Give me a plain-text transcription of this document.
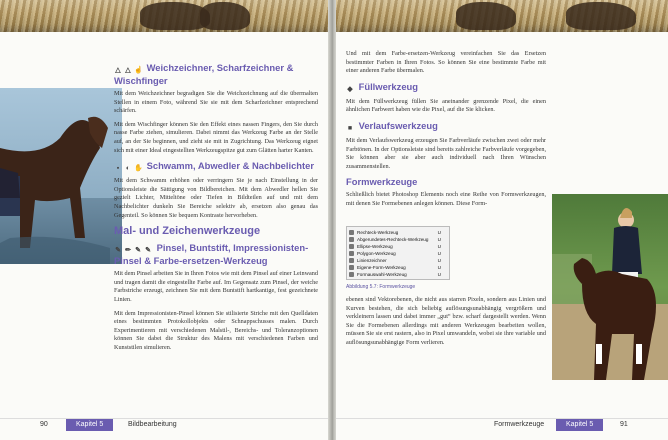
△ △ ☝ Weichzeichner, Scharfzeichner & Wischfinger

Mit dem Weichzeichner begradigen Sie die Weichzeichnung auf die übermalten Stellen in einem Foto, während Sie sie mit dem Scharfzeichner entsprechend schärfen.

Mit dem Wischfinger können Sie den Effekt eines nassen Fingers, den Sie durch nasse Farbe ziehen, simulieren. Dabei nimmt das Werkzeug Farbe an der Stelle auf, an der Sie beginnen, und zieht sie mit in Zugrichtung. Das Werkzeug eignet sich mit einer Ideal eingestellten Werkzeugspitze gut zum Glätten harter Kanten.

▪ ◐ ✋ Schwamm, Abwedler & Nachbelichter

Mit dem Schwamm erhöhen oder verringern Sie je nach Einstellung in der Optionsleiste die Sättigung von Bildbereichen. Mit dem Abwedler hellen Sie gezielt Lichter, Mitteltöne oder Tiefen in Bildteilen auf und mit dem Nachbelichter dunkeln Sie Bereiche selektiv ab, ersetzen also genau das Gegenteil. So können Sie bequem Kontraste hervorheben.

Mal- und Zeichenwerkzeuge
✎ ✏ ✎ ✎ Pinsel, Buntstift, Impressionisten-Pinsel & Farbe-ersetzen-Werkzeug

Mit dem Pinsel arbeiten Sie in Ihren Fotos wie mit dem Pinsel auf einer Leinwand und tragen damit die eingestellte Farbe auf. Im Gegensatz zum Pinsel, der weiche Farbstriche erzeugt, zeichnen Sie mit dem Buntstift hartkantige, fest gezeichnete Linien.

Mit dem Impressionisten-Pinsel können Sie stilisierte Striche mit den Quelldaten eines bestimmten Protokollobjekts oder Schnappschusses malen. Durch Experimentieren mit verschiedenen Malstil-, Bereichs- und Toleranzoptionen können Sie dabei die Struktur des Malens mit verschiedenen Farben und Kunststilen simulieren.

90	Kapitel 5	Bildbearbeitung

Und mit dem Farbe-ersetzen-Werkzeug vereinfachen Sie das Ersetzen bestimmter Farben in Ihren Fotos. So können Sie eine bestimmte Farbe mit einer anderen Farbe übermalen.

◆ Füllwerkzeug

Mit dem Füllwerkzeug füllen Sie aneinander grenzende Pixel, die einen ähnlichen Farbwert haben wie die Pixel, auf die Sie klicken.

■ Verlaufswerkzeug

Mit dem Verlaufswerkzeug erzeugen Sie Farbverläufe zwischen zwei oder mehr Farbtönen. In der Optionsleiste sind bereits zahlreiche Farbverläufe vorgegeben, Sie können aber sie aber auch individuell nach Ihren Wünschen zusammenstellen.

Formwerkzeuge

Schließlich bietet Photoshop Elements noch eine Reihe von Formwerkzeugen, mit denen Sie Formebenen anlegen können. Diese Form-

Rechteck-Werkzeug	U
Abgerundetes-Rechteck-Werkzeug U
Ellipse-Werkzeug	U
Polygon-Werkzeug	U
Linienzeichner	U
Eigene-Form-Werkzeug	U
Formauswahl-Werkzeug	U
Abbildung 5.7: Formwerkzeuge

ebenen sind Vektorebenen, die nicht aus starren Pixeln, sondern aus Linien und Kurven bestehen, die sich beliebig auflösungsunabhängig vergrößern und verkleinern lassen und dabei immer „gut“ bzw. scharf dargestellt werden. Wenn Sie die Formebenen allerdings mit anderen Werkzeugen bearbeiten wollen, müssen Sie sie erst rastern, also in Pixel umwandeln, wobei sie ihre variable und auflösungsunabhängige Form verlieren.

Formwerkzeuge	Kapitel 5	91
